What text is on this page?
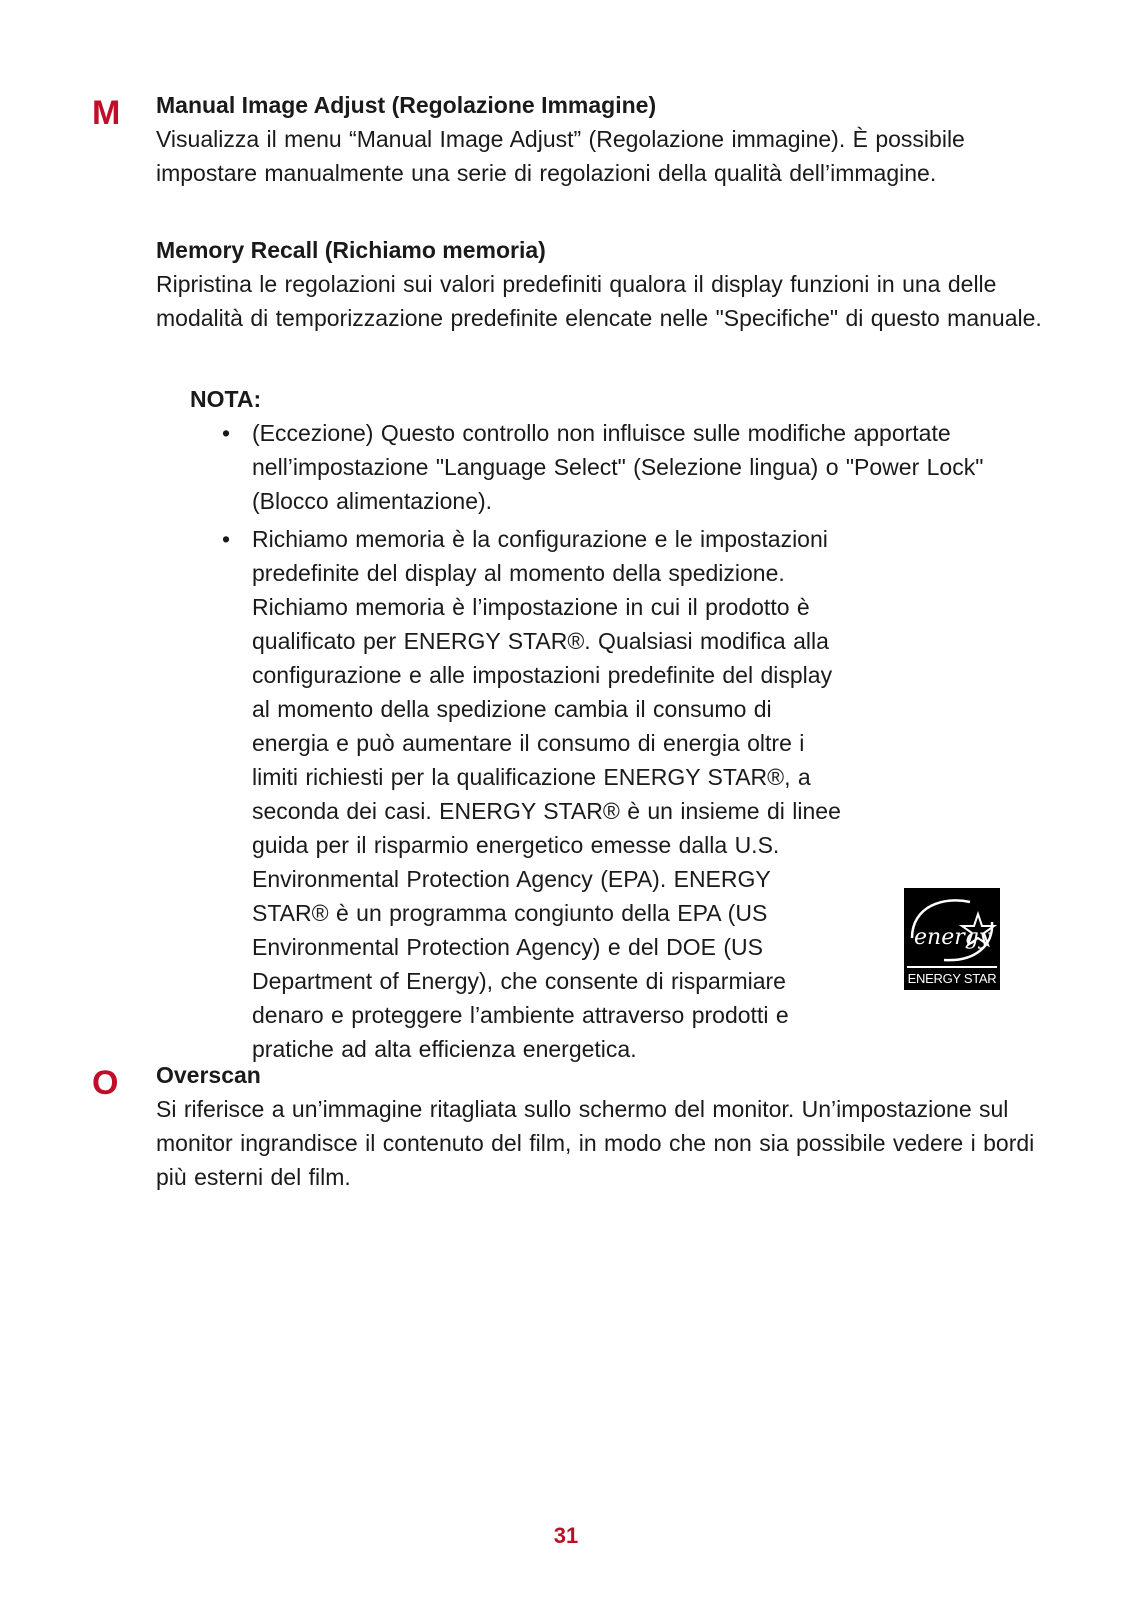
M Manual Image Adjust (Regolazione Immagine)

Visualizza il menu “Manual Image Adjust” (Regolazione immagine). È possibile impostare manualmente una serie di regolazioni della qualità dell’immagine.

Memory Recall (Richiamo memoria)

Ripristina le regolazioni sui valori predefiniti qualora il display funzioni in una delle modalità di temporizzazione predefinite elencate nelle "Specifiche" di questo manuale.

NOTA:
• (Eccezione) Questo controllo non influisce sulle modifiche apportate nell’impostazione "Language Select" (Selezione lingua) o "Power Lock" (Blocco alimentazione).
• Richiamo memoria è la configurazione e le impostazioni predefinite del display al momento della spedizione. Richiamo memoria è l’impostazione in cui il prodotto è qualificato per ENERGY STAR®. Qualsiasi modifica alla configurazione e alle impostazioni predefinite del display al momento della spedizione cambia il consumo di energia e può aumentare il consumo di energia oltre i limiti richiesti per la qualificazione ENERGY STAR®, a seconda dei casi. ENERGY STAR® è un insieme di linee guida per il risparmio energetico emesse dalla U.S. Environmental Protection Agency (EPA). ENERGY STAR® è un programma congiunto della EPA (US Environmental Protection Agency) e del DOE (US Department of Energy), che consente di risparmiare denaro e proteggere l’ambiente attraverso prodotti e pratiche ad alta efficienza energetica.
energy
ENERGY STAR
O Overscan

Si riferisce a un’immagine ritagliata sullo schermo del monitor. Un’impostazione sul monitor ingrandisce il contenuto del film, in modo che non sia possibile vedere i bordi più esterni del film.

31
